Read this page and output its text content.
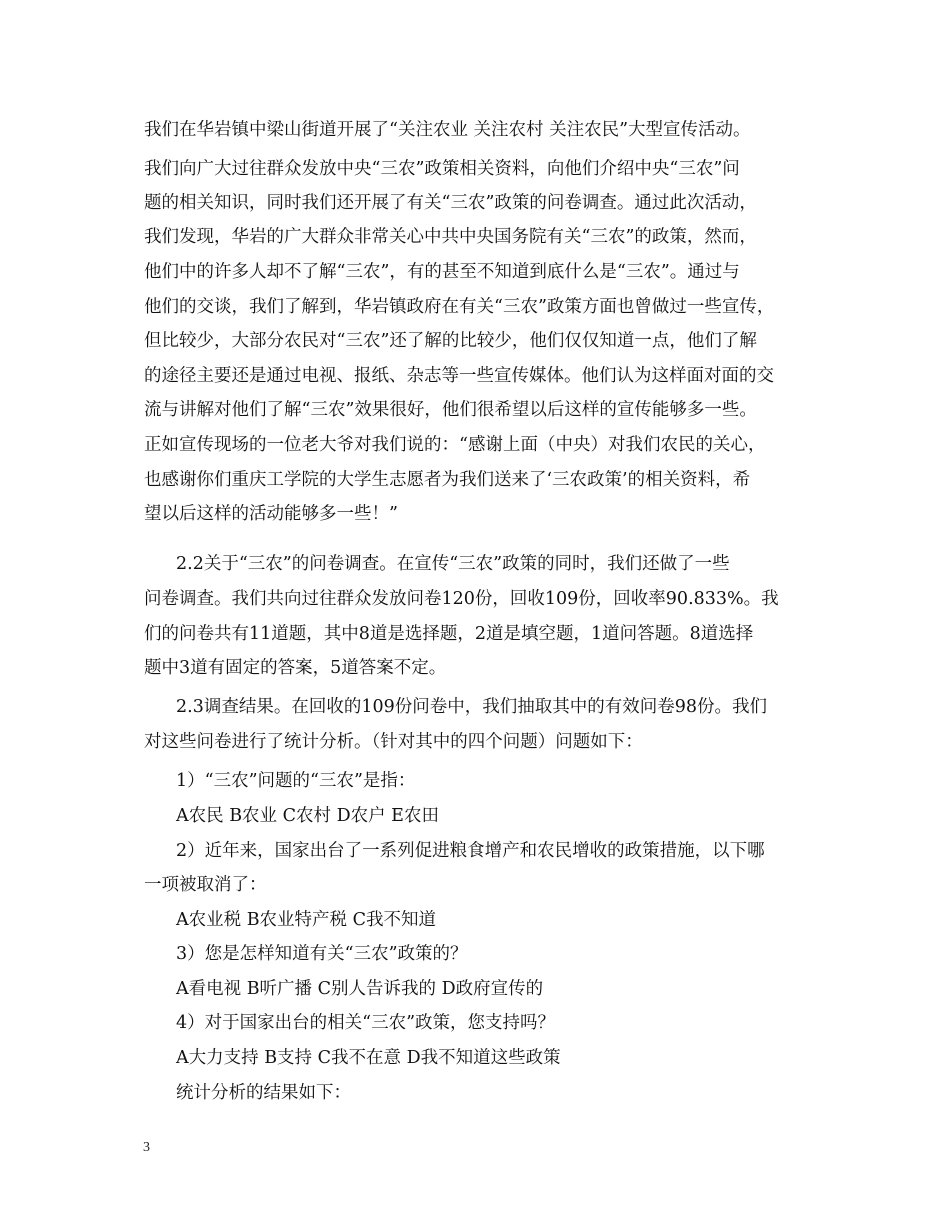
我们在华岩镇中梁山街道开展了“关注农业 关注农村 关注农民”大型宣传活动。
我们向广大过往群众发放中央“三农”政策相关资料，向他们介绍中央“三农”问
题的相关知识，同时我们还开展了有关“三农”政策的问卷调查。通过此次活动，
我们发现，华岩的广大群众非常关心中共中央国务院有关“三农”的政策，然而，
他们中的许多人却不了解“三农”，有的甚至不知道到底什么是“三农”。通过与
他们的交谈，我们了解到，华岩镇政府在有关“三农”政策方面也曾做过一些宣传，
但比较少，大部分农民对“三农”还了解的比较少，他们仅仅知道一点，他们了解
的途径主要还是通过电视、报纸、杂志等一些宣传媒体。他们认为这样面对面的交
流与讲解对他们了解“三农”效果很好，他们很希望以后这样的宣传能够多一些。
正如宣传现场的一位老大爷对我们说的：“感谢上面（中央）对我们农民的关心，
也感谢你们重庆工学院的大学生志愿者为我们送来了‘三农政策’的相关资料，希
望以后这样的活动能够多一些！”
2.2关于“三农”的问卷调查。在宣传“三农”政策的同时，我们还做了一些
问卷调查。我们共向过往群众发放问卷120份，回收109份，回收率90.833%。我
们的问卷共有11道题，其中8道是选择题，2道是填空题，1道问答题。8道选择
题中3道有固定的答案，5道答案不定。
2.3调查结果。在回收的109份问卷中，我们抽取其中的有效问卷98份。我们
对这些问卷进行了统计分析。（针对其中的四个问题）问题如下：
1）“三农”问题的“三农”是指：
A农民 B农业 C农村 D农户 E农田
2）近年来，国家出台了一系列促进粮食增产和农民增收的政策措施，以下哪
一项被取消了：
A农业税 B农业特产税 C我不知道
3）您是怎样知道有关“三农”政策的？
A看电视 B听广播 C别人告诉我的 D政府宣传的
4）对于国家出台的相关“三农”政策，您支持吗？
A大力支持 B支持 C我不在意 D我不知道这些政策
统计分析的结果如下：
3
